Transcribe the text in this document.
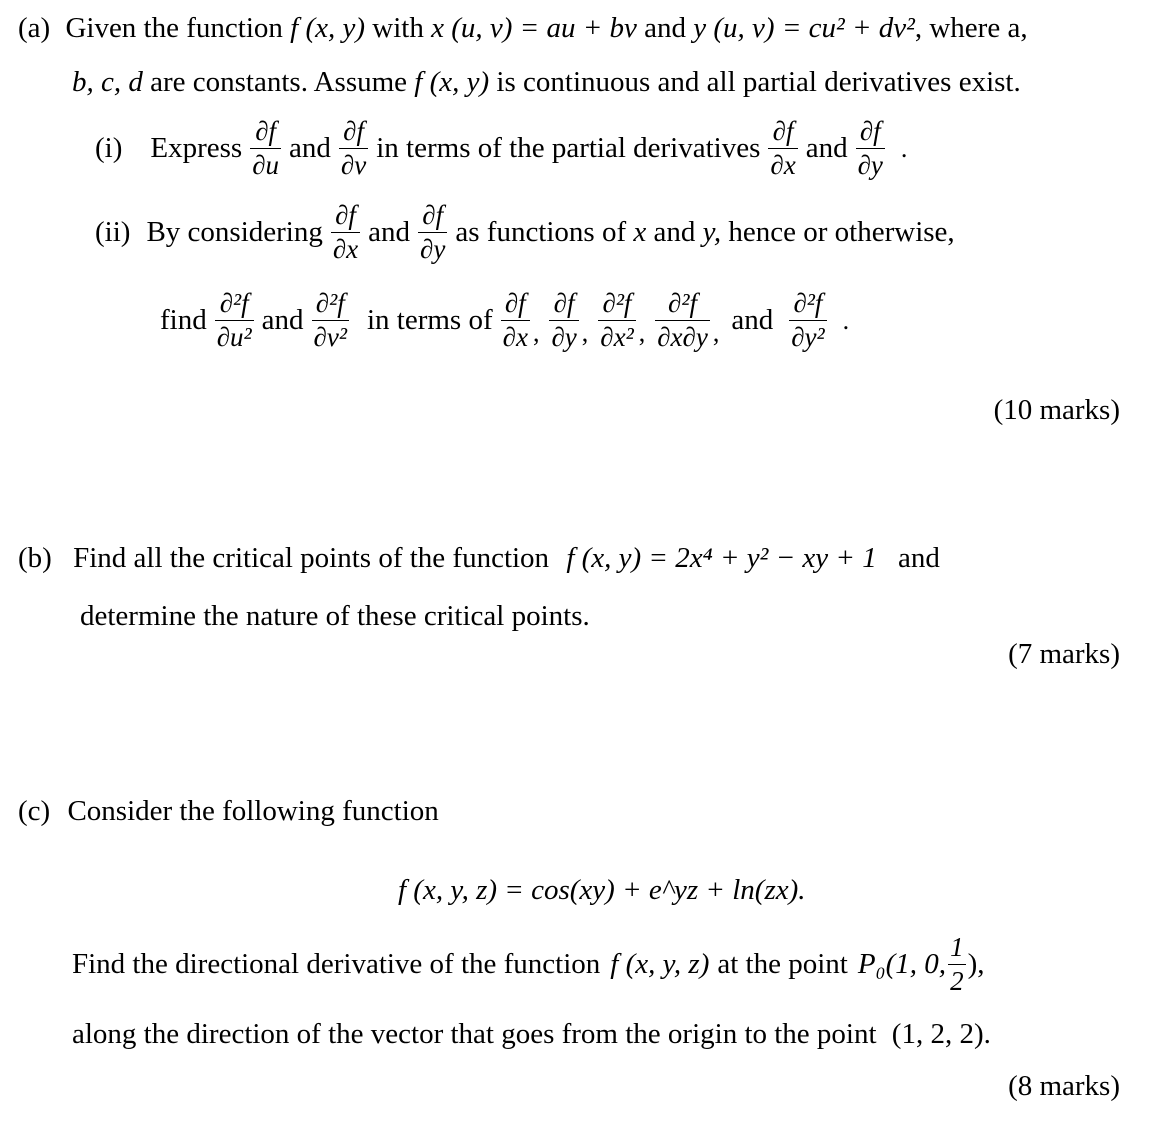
(a) Given the function f (x, y) with x (u, v) = au + bv and y (u, v) = cu² + dv², where a,
b, c, d are constants. Assume f (x, y) is continuous and all partial derivatives exist.
(i) Express $\frac{\partial f}{\partial u}$ and $\frac{\partial f}{\partial v}$ in terms of the partial derivatives $\frac{\partial f}{\partial x}$ and $\frac{\partial f}{\partial y}$ .
(ii) By considering $\frac{\partial f}{\partial x}$ and $\frac{\partial f}{\partial y}$ as functions of
x
and
y,
hence or otherwise,
find $\frac{\text{∂²f}}{\text{∂u²}}$ and $\frac{\text{∂²f}}{\text{∂v²}}$ in terms of $\frac{\partial f}{\partial x}$ , $\frac{\partial f}{\partial y}$ , $\frac{\text{∂²f}}{\text{∂x²}}$ , $\frac{\text{∂²f}}{\partial x\partial y}$ , and $\frac{\text{∂²f}}{\text{∂y²}}$ .
(10 marks)
(b) Find all the critical points of the function f (x, y) = 2x⁴ + y² − xy + 1 and
determine the nature of these critical points.
(7 marks)
(c) Consider the following function
f (x, y, z) = cos(xy) + e^yz + ln(zx).
Find the directional derivative of the function f (x, y, z) at the point P₀(1, 0, $\frac{1}{2}$ ),
along the direction of the vector that goes from the origin to the point (1, 2, 2).
(8 marks)
